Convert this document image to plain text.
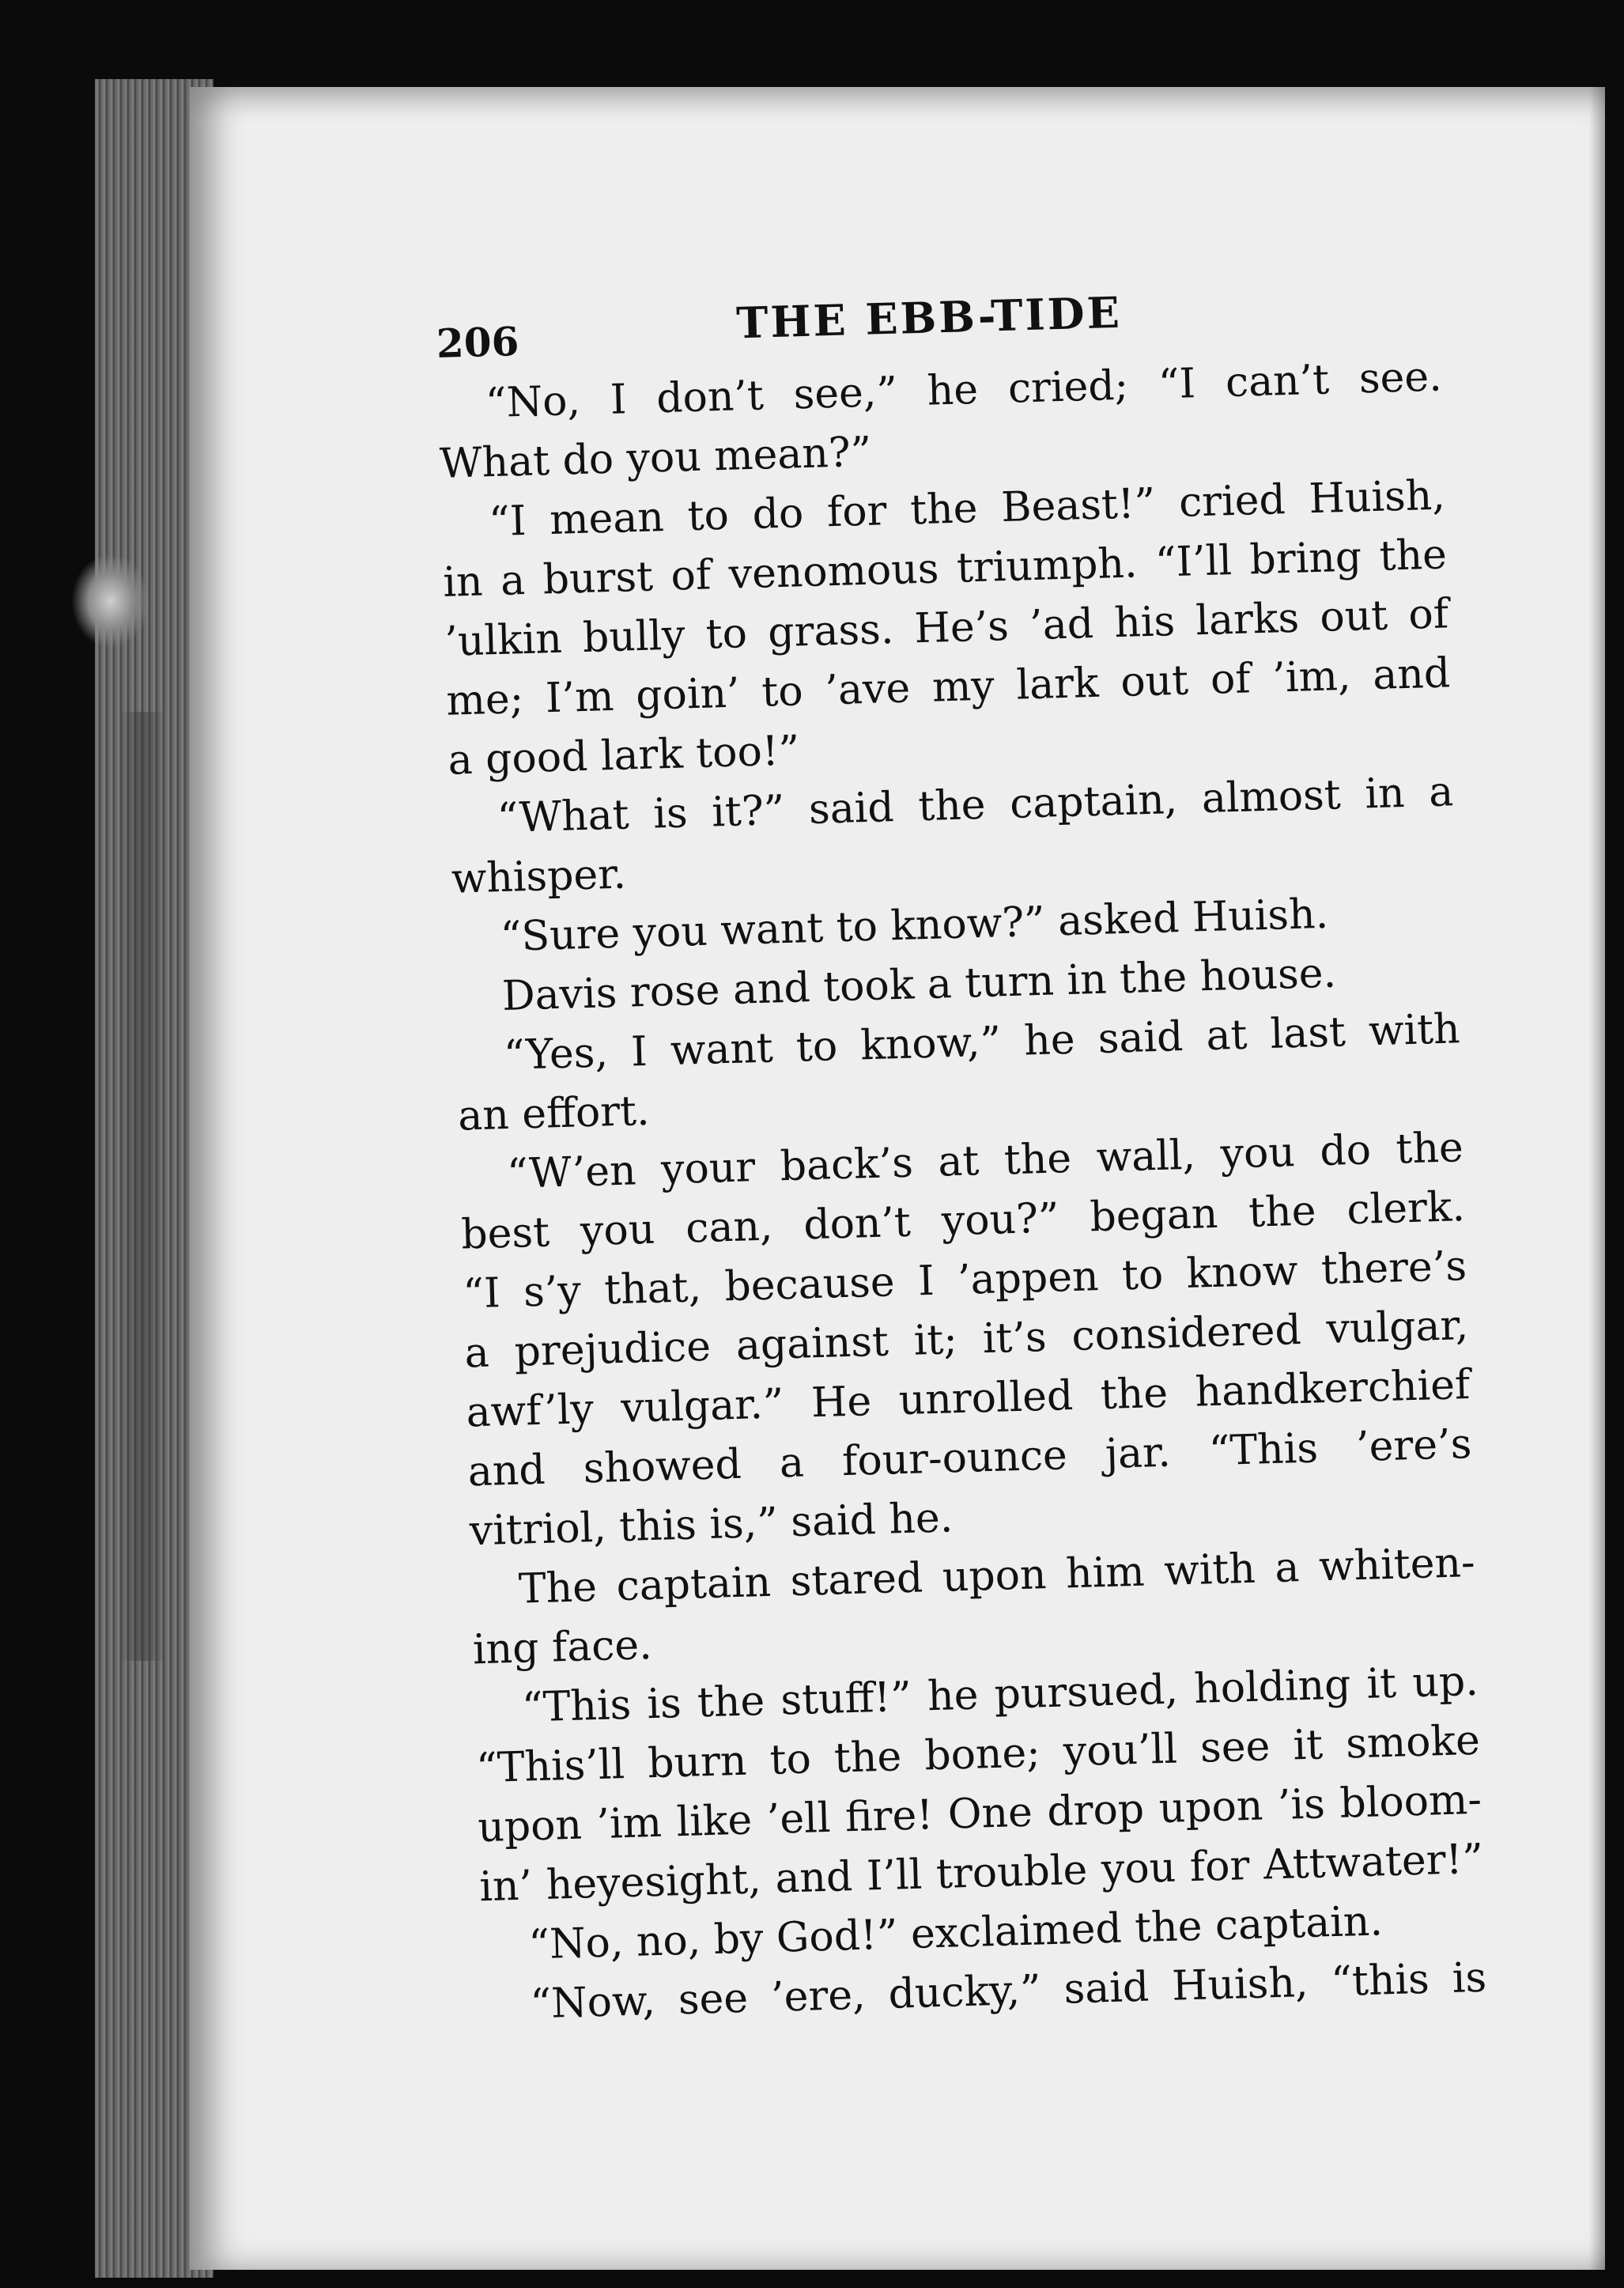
206	THE EBB-TIDE
“No, I don’t see,” he cried; “I can’t see.
What do you mean?”
“I mean to do for the Beast!” cried Huish,
in a burst of venomous triumph. “I’ll bring the
’ulkin bully to grass. He’s ’ad his larks out of
me; I’m goin’ to ’ave my lark out of ’im, and
a good lark too!”
“What is it?” said the captain, almost in a
whisper.
“Sure you want to know?” asked Huish.
Davis rose and took a turn in the house.
“Yes, I want to know,” he said at last with
an effort.
“W’en your back’s at the wall, you do the
best you can, don’t you?” began the clerk.
“I s’y that, because I ’appen to know there’s
a prejudice against it; it’s considered vulgar,
awf’ly vulgar.” He unrolled the handkerchief
and showed a four-ounce jar. “This ’ere’s
vitriol, this is,” said he.
The captain stared upon him with a whiten-
ing face.
“This is the stuff!” he pursued, holding it up.
“This’ll burn to the bone; you’ll see it smoke
upon ’im like ’ell fire! One drop upon ’is bloom-
in’ heyesight, and I’ll trouble you for Attwater!”
“No, no, by God!” exclaimed the captain.
“Now, see ’ere, ducky,” said Huish, “this is
